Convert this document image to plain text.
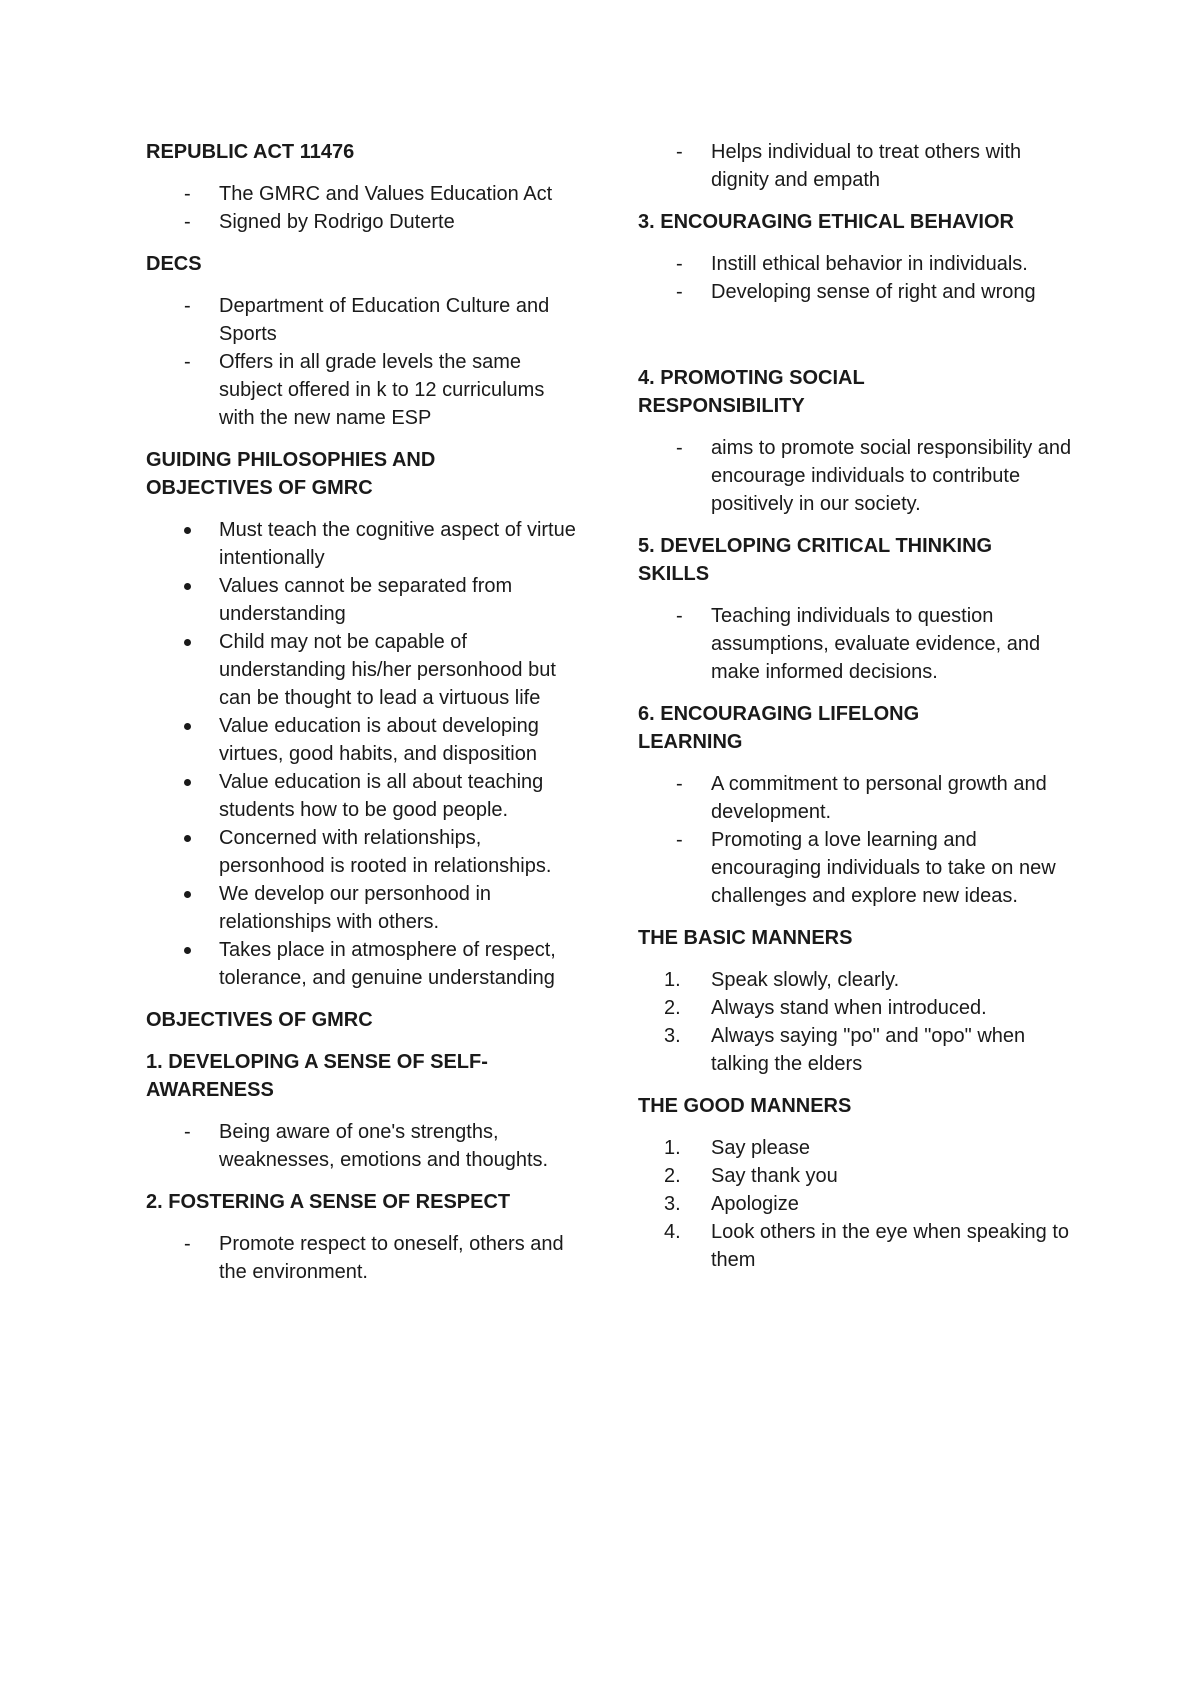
REPUBLIC ACT 11476
-	The GMRC and Values Education Act
-	Signed by Rodrigo Duterte
DECS
-	Department of Education Culture and Sports
-	Offers in all grade levels the same subject offered in k to 12 curriculums with the new name ESP
GUIDING PHILOSOPHIES AND
OBJECTIVES OF GMRC
Must teach the cognitive aspect of virtue intentionally
Values cannot be separated from understanding
Child may not be capable of understanding his/her personhood but can be thought to lead a virtuous life
Value education is about developing virtues, good habits, and disposition
Value education is all about teaching students how to be good people.
Concerned with relationships, personhood is rooted in relationships.
We develop our personhood in relationships with others.
Takes place in atmosphere of respect, tolerance, and genuine understanding
OBJECTIVES OF GMRC
1. DEVELOPING A SENSE OF SELF-
AWARENESS
-	Being aware of one's strengths, weaknesses, emotions and thoughts.
2. FOSTERING A SENSE OF RESPECT
-	Promote respect to oneself, others and the environment.
-	Helps individual to treat others with dignity and empath
3. ENCOURAGING ETHICAL BEHAVIOR
-	Instill ethical behavior in individuals.
-	Developing sense of right and wrong
4. PROMOTING SOCIAL
RESPONSIBILITY
-	aims to promote social responsibility and encourage individuals to contribute positively in our society.
5. DEVELOPING CRITICAL THINKING
SKILLS
-	Teaching individuals to question assumptions, evaluate evidence, and make informed decisions.
6. ENCOURAGING LIFELONG
LEARNING
-	A commitment to personal growth and development.
-	Promoting a love learning and encouraging individuals to take on new challenges and explore new ideas.
THE BASIC MANNERS
1.	Speak slowly, clearly.
2.	Always stand when introduced.
3.	Always saying "po" and "opo" when talking the elders
THE GOOD MANNERS
1.	Say please
2.	Say thank you
3.	Apologize
4.	Look others in the eye when speaking to them
